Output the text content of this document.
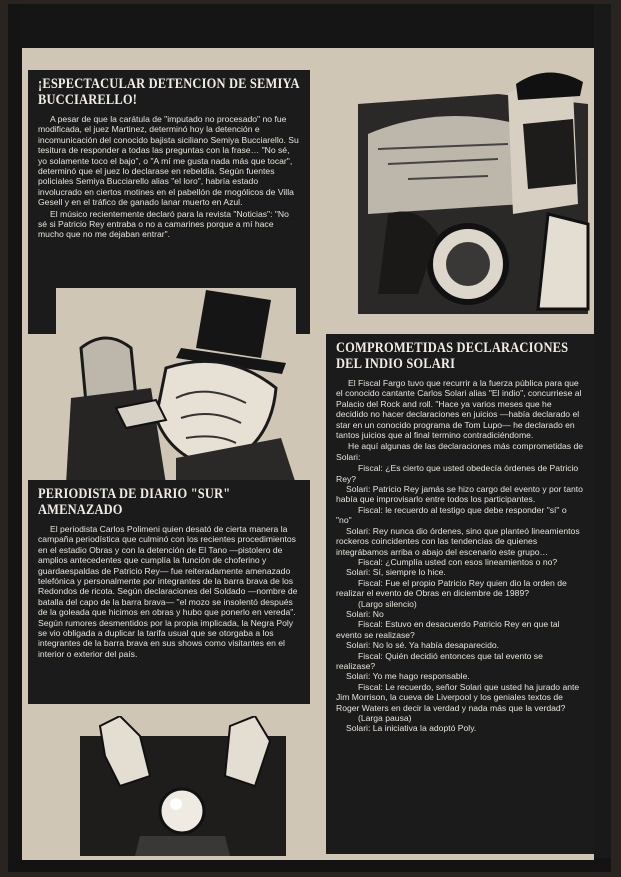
¡ESPECTACULAR DETENCION DE SEMIYA BUCCIARELLO!

A pesar de que la carátula de "imputado no procesado" no fue modificada, el juez Martinez, determinó hoy la detención e incomunicación del conocido bajista siciliano Semiya Bucciarello. Su tesitura de responder a todas las preguntas con la frase… "No sé, yo solamente toco el bajo", o "A mí me gusta nada más que tocar", determinó que el juez lo declarase en rebeldía. Según fuentes policiales Semiya Bucciarello alias "el loro", habría estado involucrado en ciertos motines en el pabellón de rnogólicos de Villa Gesell y en el tráfico de ganado lanar muerto en Azul.

El músico recientemente declaró para la revista "Noticias": "No sé si Patricio Rey entraba o no a camarines porque a mí hace mucho que no me dejaban entrar".

COMPROMETIDAS DECLARACIONES DEL INDIO SOLARI

El Fiscal Fargo tuvo que recurrir a la fuerza pública para que el conocido cantante Carlos Solari alias "El indio", concurriese al Palacio del Rock and roll. "Hace ya varios meses que he decidido no hacer declaraciones en juicios —había declarado el star en un conocido programa de Tom Lupo— he declarado en tantos juicios que al final termino contradiciéndome.

He aquí algunas de las declaraciones más comprometidas de Solari:

Fiscal: ¿Es cierto que usted obedecía órdenes de Patricio Rey?

Solari: Patricio Rey jamás se hizo cargo del evento y por tanto había que improvisarlo entre todos los participantes.

Fiscal: le recuerdo al testigo que debe responder "sí" o "no"

Solari: Rey nunca dio órdenes, sino que planteó lineamientos rockeros coincidentes con las tendencias de quienes integrábamos arriba o abajo del escenario este grupo…

Fiscal: ¿Cumplía usted con esos lineamientos o no?

Solari: Sí, siempre lo hice.

Fiscal: Fue el propio Patricio Rey quien dio la orden de realizar el evento de Obras en diciembre de 1989?

(Largo silencio)

Solari: No

Fiscal: Estuvo en desacuerdo Patricio Rey en que tal evento se realizase?

Solari: No lo sé. Ya había desaparecido.

Fiscal: Quién decidió entonces que tal evento se realizase?

Solari: Yo me hago responsable.

Fiscal: Le recuerdo, señor Solari que usted ha jurado ante Jim Morrison, la cueva de Liverpool y los geniales textos de Roger Waters en decir la verdad y nada más que la verdad?

(Larga pausa)

Solari: La iniciativa la adoptó Poly.

PERIODISTA DE DIARIO "SUR" AMENAZADO

El periodista Carlos Polimeni quien desató de cierta manera la campaña periodística que culminó con los recientes procedimientos en el estadio Obras y con la detención de El Tano —pistolero de amplios antecedentes que cumplía la función de choferino y guardaespaldas de Patricio Rey— fue reiteradamente amenazado telefónica y personalmente por integrantes de la barra brava de los Redondos de ricota. Según declaraciones del Soldado —nombre de batalla del capo de la barra brava— "el mozo se insolentó después de la goleada que hicimos en obras y hubo que ponerlo en vereda". Según rumores desmentidos por la propia implicada, la Negra Poly se vio obligada a duplicar la tarifa usual que se otorgaba a los integrantes de la barra brava en sus shows como visitantes en el interior o exterior del país.
